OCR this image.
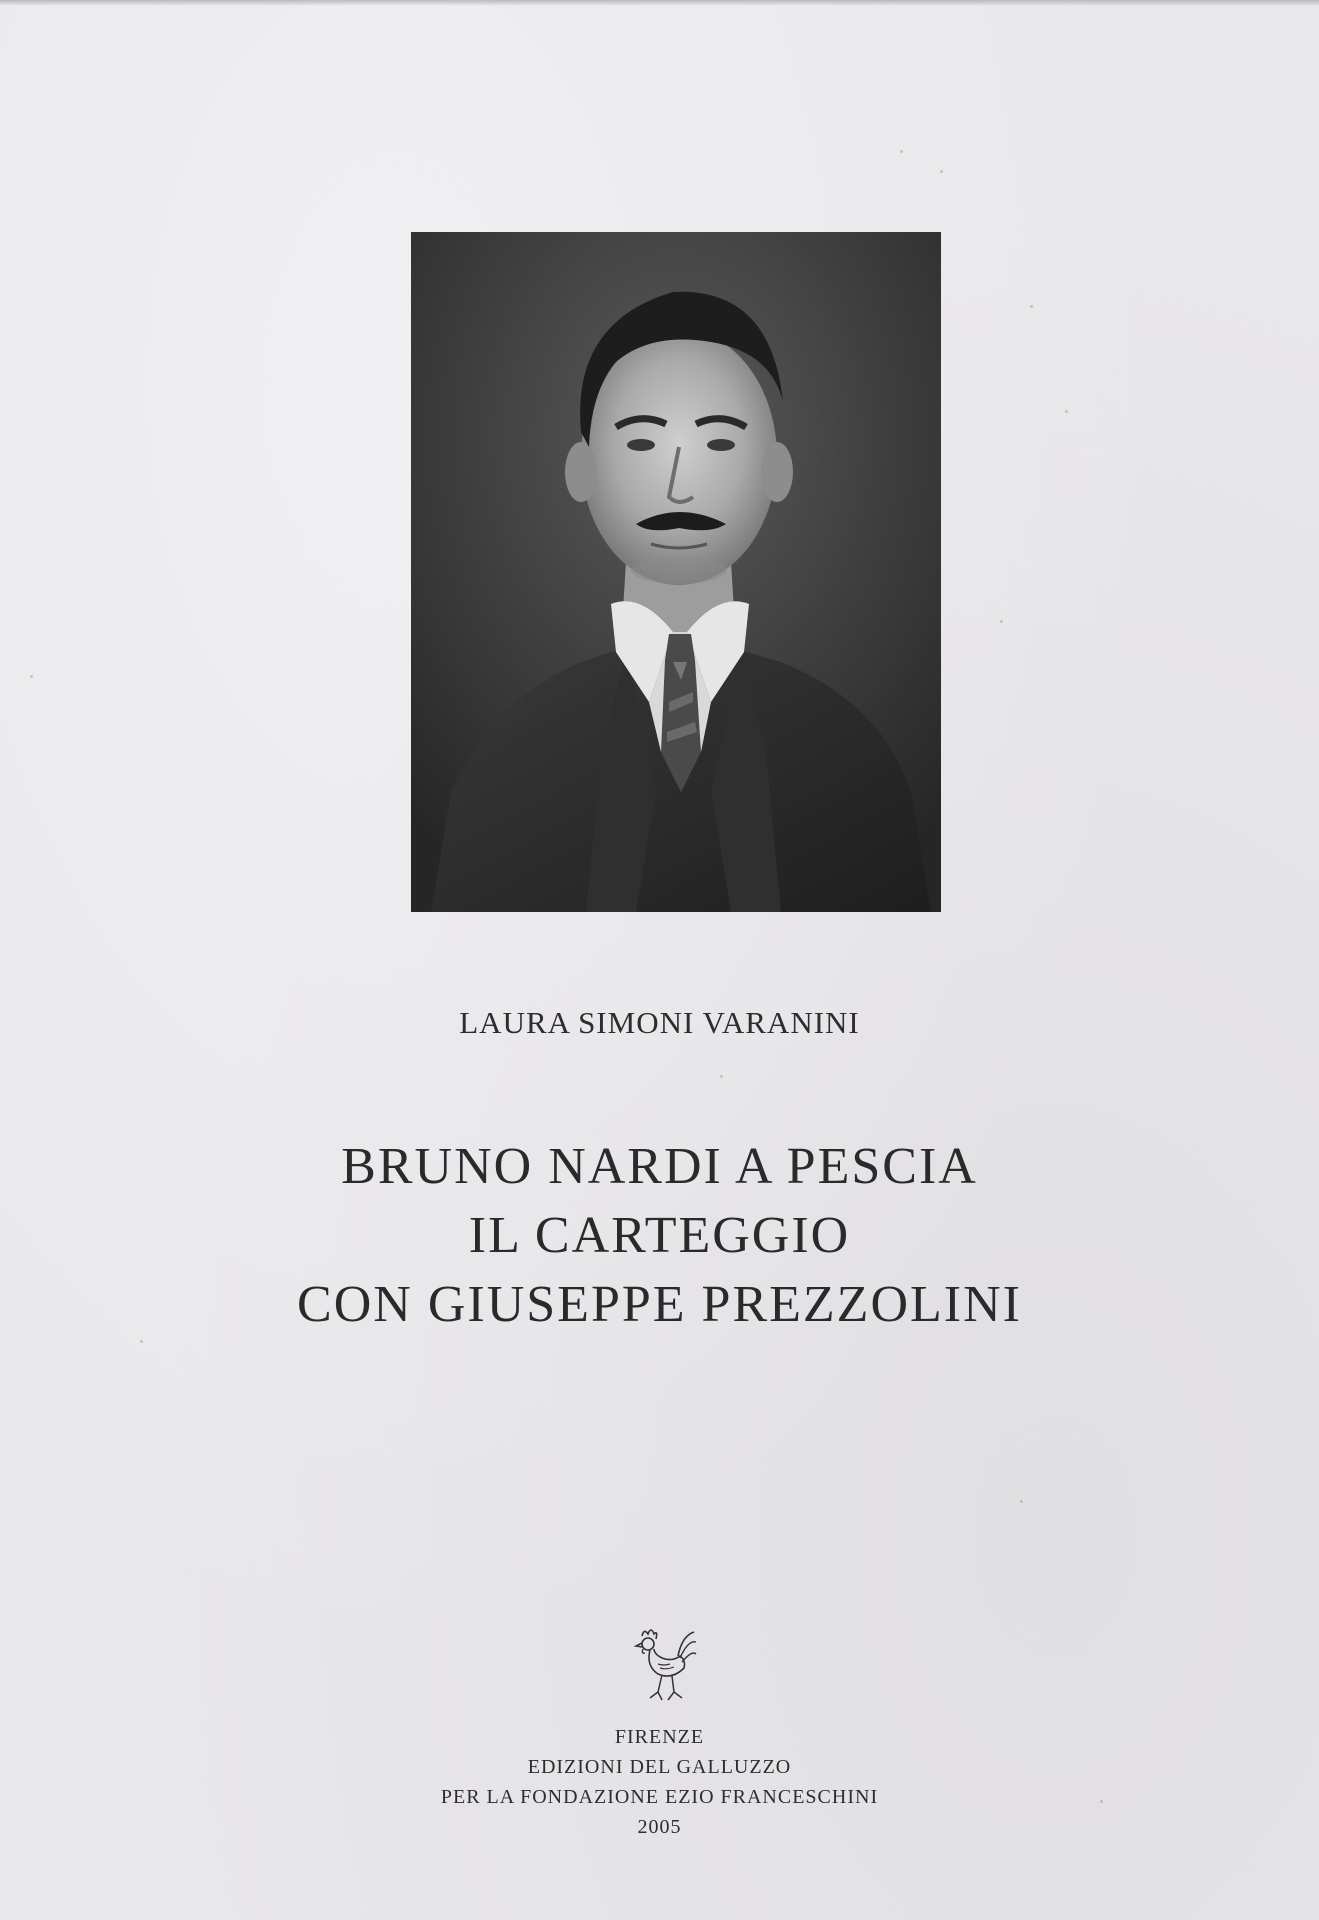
LAURA SIMONI VARANINI
BRUNO NARDI A PESCIA
IL CARTEGGIO
CON GIUSEPPE PREZZOLINI
FIRENZE
EDIZIONI DEL GALLUZZO
PER LA FONDAZIONE EZIO FRANCESCHINI
2005
